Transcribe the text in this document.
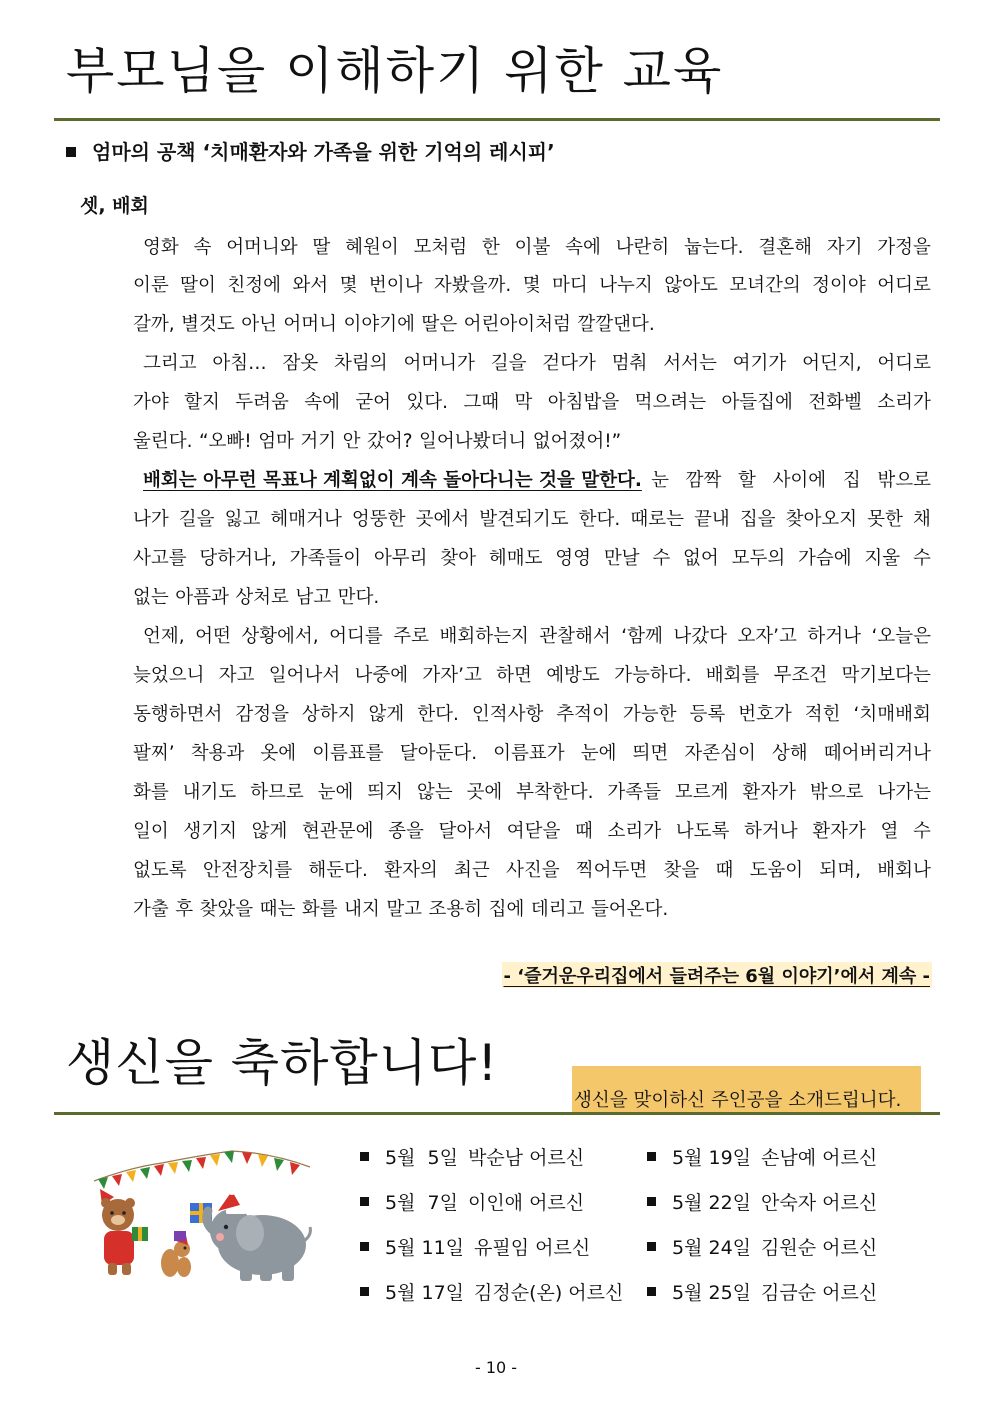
부모님을 이해하기 위한 교육
엄마의 공책 ‘치매환자와 가족을 위한 기억의 레시피’
셋, 배회
영화 속 어머니와 딸 혜원이 모처럼 한 이불 속에 나란히 눕는다. 결혼해 자기 가정을
이룬 딸이 친정에 와서 몇 번이나 자봤을까. 몇 마디 나누지 않아도 모녀간의 정이야 어디로
갈까, 별것도 아닌 어머니 이야기에 딸은 어린아이처럼 깔깔댄다.
그리고 아침… 잠옷 차림의 어머니가 길을 걷다가 멈춰 서서는 여기가 어딘지, 어디로
가야 할지 두려움 속에 굳어 있다. 그때 막 아침밥을 먹으려는 아들집에 전화벨 소리가
울린다. “오빠! 엄마 거기 안 갔어? 일어나봤더니 없어졌어!”
배회는 아무런 목표나 계획없이 계속 돌아다니는 것을 말한다. 눈 깜짝 할 사이에 집 밖으로
나가 길을 잃고 헤매거나 엉뚱한 곳에서 발견되기도 한다. 때로는 끝내 집을 찾아오지 못한 채
사고를 당하거나, 가족들이 아무리 찾아 헤매도 영영 만날 수 없어 모두의 가슴에 지울 수
없는 아픔과 상처로 남고 만다.
언제, 어떤 상황에서, 어디를 주로 배회하는지 관찰해서 ‘함께 나갔다 오자’고 하거나 ‘오늘은
늦었으니 자고 일어나서 나중에 가자’고 하면 예방도 가능하다. 배회를 무조건 막기보다는
동행하면서 감정을 상하지 않게 한다. 인적사항 추적이 가능한 등록 번호가 적힌 ‘치매배회
팔찌’ 착용과 옷에 이름표를 달아둔다. 이름표가 눈에 띄면 자존심이 상해 떼어버리거나
화를 내기도 하므로 눈에 띄지 않는 곳에 부착한다. 가족들 모르게 환자가 밖으로 나가는
일이 생기지 않게 현관문에 종을 달아서 여닫을 때 소리가 나도록 하거나 환자가 열 수
없도록 안전장치를 해둔다. 환자의 최근 사진을 찍어두면 찾을 때 도움이 되며, 배회나
가출 후 찾았을 때는 화를 내지 말고 조용히 집에 데리고 들어온다.
- ‘즐거운우리집에서 들려주는 6월 이야기’에서 계속 -
생신을 축하합니다!
생신을 맞이하신 주인공을 소개드립니다.
5월  5일 박순남 어르신
5월  7일 이인애 어르신
5월 11일 유필임 어르신
5월 17일 김정순(온) 어르신
5월 19일 손남예 어르신
5월 22일 안숙자 어르신
5월 24일 김원순 어르신
5월 25일 김금순 어르신
- 10 -
